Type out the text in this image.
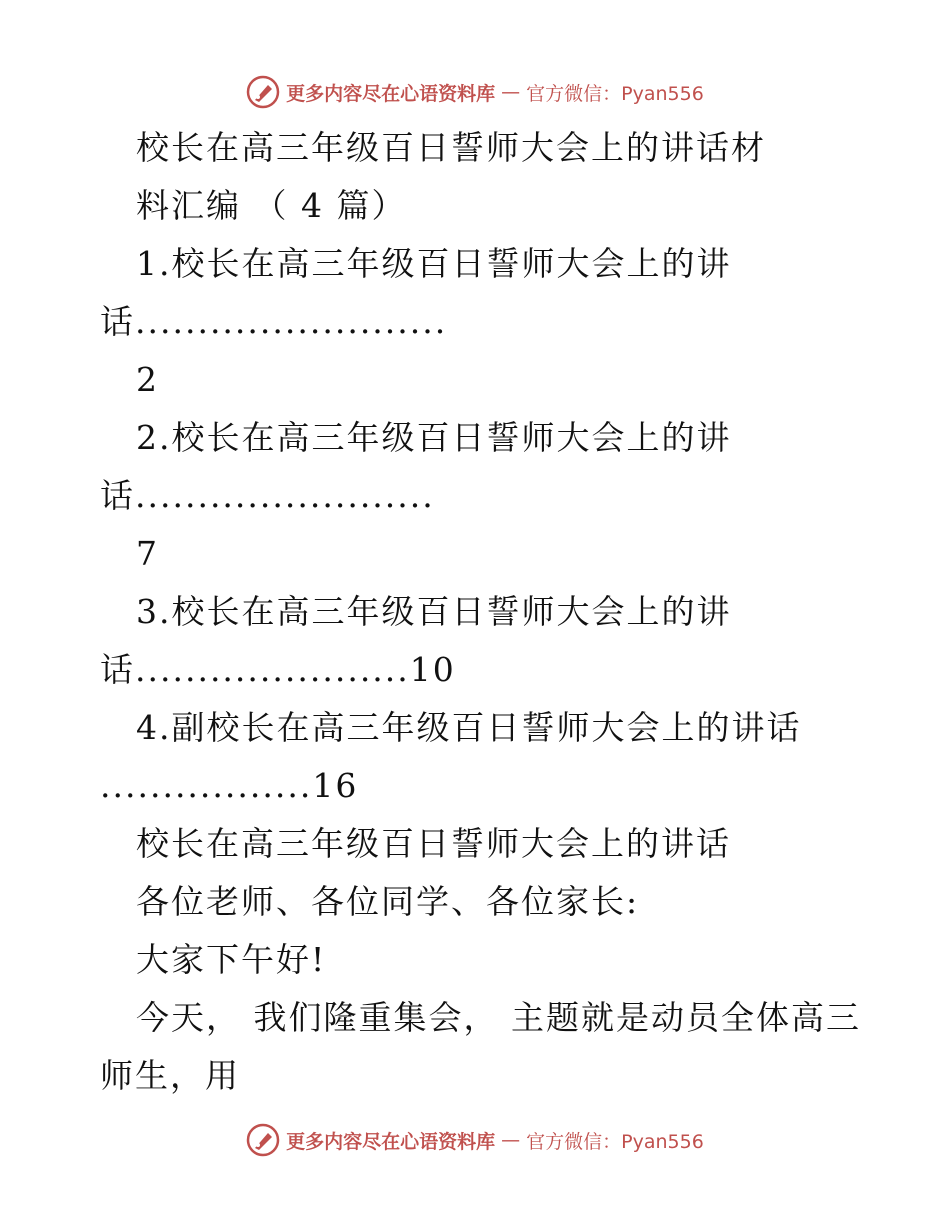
更多内容尽在心语资料库 — 官方微信：Pyan556
校长在高三年级百日誓师大会上的讲话材
料汇编 （ 4 篇）
1.校长在高三年级百日誓师大会上的讲
话.........................
2
2.校长在高三年级百日誓师大会上的讲
话........................
7
3.校长在高三年级百日誓师大会上的讲
话......................10
4.副校长在高三年级百日誓师大会上的讲话
.................16
校长在高三年级百日誓师大会上的讲话
各位老师、各位同学、各位家长:
大家下午好!
今天， 我们隆重集会， 主题就是动员全体高三
师生，用
更多内容尽在心语资料库 — 官方微信：Pyan556
